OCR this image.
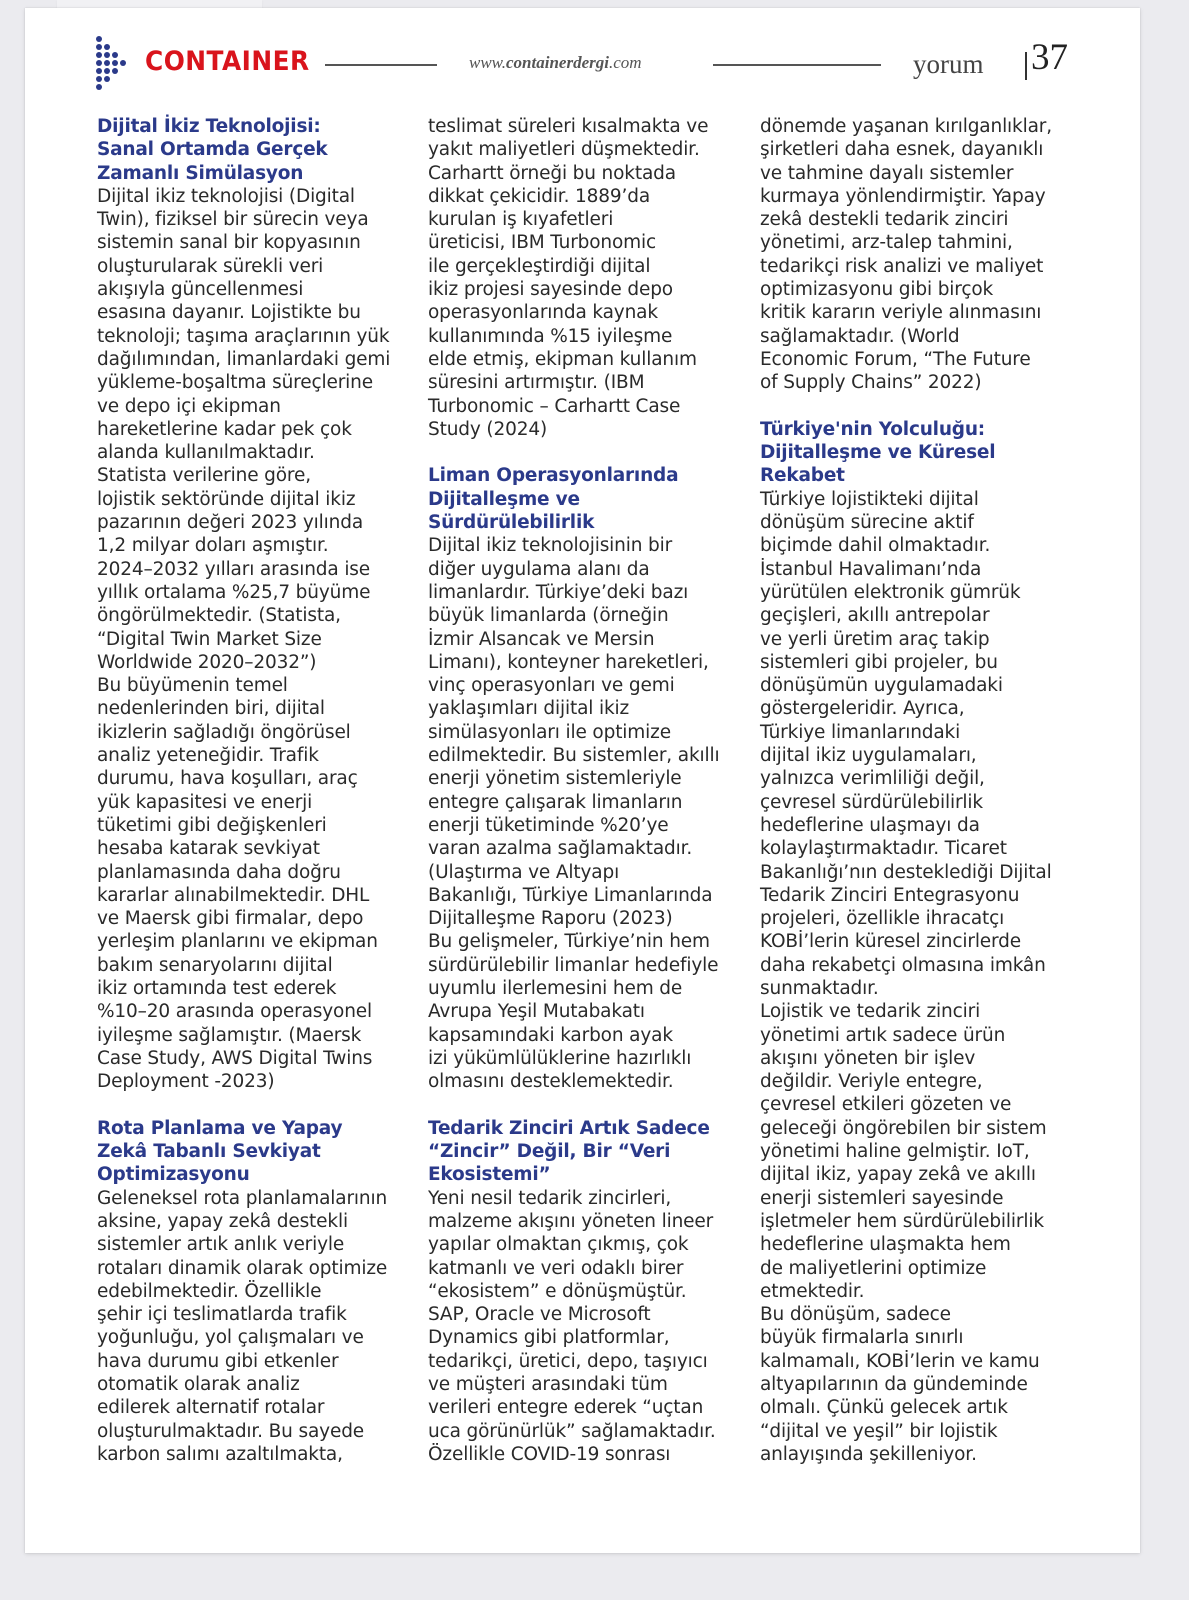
CONTAINER	www.containerdergi.com	yorum 37
Dijital İkiz Teknolojisi:
Sanal Ortamda Gerçek
Zamanlı Simülasyon
Dijital ikiz teknolojisi (Digital
Twin), fiziksel bir sürecin veya
sistemin sanal bir kopyasının
oluşturularak sürekli veri
akışıyla güncellenmesi
esasına dayanır. Lojistikte bu
teknoloji; taşıma araçlarının yük
dağılımından, limanlardaki gemi
yükleme-boşaltma süreçlerine
ve depo içi ekipman
hareketlerine kadar pek çok
alanda kullanılmaktadır.
Statista verilerine göre,
lojistik sektöründe dijital ikiz
pazarının değeri 2023 yılında
1,2 milyar doları aşmıştır.
2024–2032 yılları arasında ise
yıllık ortalama %25,7 büyüme
öngörülmektedir. (Statista,
“Digital Twin Market Size
Worldwide 2020–2032”)
Bu büyümenin temel
nedenlerinden biri, dijital
ikizlerin sağladığı öngörüsel
analiz yeteneğidir. Trafik
durumu, hava koşulları, araç
yük kapasitesi ve enerji
tüketimi gibi değişkenleri
hesaba katarak sevkiyat
planlamasında daha doğru
kararlar alınabilmektedir. DHL
ve Maersk gibi firmalar, depo
yerleşim planlarını ve ekipman
bakım senaryolarını dijital
ikiz ortamında test ederek
%10–20 arasında operasyonel
iyileşme sağlamıştır. (Maersk
Case Study, AWS Digital Twins
Deployment -2023)
Rota Planlama ve Yapay
Zekâ Tabanlı Sevkiyat
Optimizasyonu
Geleneksel rota planlamalarının
aksine, yapay zekâ destekli
sistemler artık anlık veriyle
rotaları dinamik olarak optimize
edebilmektedir. Özellikle
şehir içi teslimatlarda trafik
yoğunluğu, yol çalışmaları ve
hava durumu gibi etkenler
otomatik olarak analiz
edilerek alternatif rotalar
oluşturulmaktadır. Bu sayede
karbon salımı azaltılmakta,
teslimat süreleri kısalmakta ve
yakıt maliyetleri düşmektedir.
Carhartt örneği bu noktada
dikkat çekicidir. 1889’da
kurulan iş kıyafetleri
üreticisi, IBM Turbonomic
ile gerçekleştirdiği dijital
ikiz projesi sayesinde depo
operasyonlarında kaynak
kullanımında %15 iyileşme
elde etmiş, ekipman kullanım
süresini artırmıştır. (IBM
Turbonomic – Carhartt Case
Study (2024)
Liman Operasyonlarında
Dijitalleşme ve
Sürdürülebilirlik
Dijital ikiz teknolojisinin bir
diğer uygulama alanı da
limanlardır. Türkiye’deki bazı
büyük limanlarda (örneğin
İzmir Alsancak ve Mersin
Limanı), konteyner hareketleri,
vinç operasyonları ve gemi
yaklaşımları dijital ikiz
simülasyonları ile optimize
edilmektedir. Bu sistemler, akıllı
enerji yönetim sistemleriyle
entegre çalışarak limanların
enerji tüketiminde %20’ye
varan azalma sağlamaktadır.
(Ulaştırma ve Altyapı
Bakanlığı, Türkiye Limanlarında
Dijitalleşme Raporu (2023)
Bu gelişmeler, Türkiye’nin hem
sürdürülebilir limanlar hedefiyle
uyumlu ilerlemesini hem de
Avrupa Yeşil Mutabakatı
kapsamındaki karbon ayak
izi yükümlülüklerine hazırlıklı
olmasını desteklemektedir.
Tedarik Zinciri Artık Sadece
“Zincir” Değil, Bir “Veri
Ekosistemi”
Yeni nesil tedarik zincirleri,
malzeme akışını yöneten lineer
yapılar olmaktan çıkmış, çok
katmanlı ve veri odaklı birer
“ekosistem” e dönüşmüştür.
SAP, Oracle ve Microsoft
Dynamics gibi platformlar,
tedarikçi, üretici, depo, taşıyıcı
ve müşteri arasındaki tüm
verileri entegre ederek “uçtan
uca görünürlük” sağlamaktadır.
Özellikle COVID-19 sonrası
dönemde yaşanan kırılganlıklar,
şirketleri daha esnek, dayanıklı
ve tahmine dayalı sistemler
kurmaya yönlendirmiştir. Yapay
zekâ destekli tedarik zinciri
yönetimi, arz-talep tahmini,
tedarikçi risk analizi ve maliyet
optimizasyonu gibi birçok
kritik kararın veriyle alınmasını
sağlamaktadır. (World
Economic Forum, “The Future
of Supply Chains” 2022)
Türkiye'nin Yolculuğu:
Dijitalleşme ve Küresel
Rekabet
Türkiye lojistikteki dijital
dönüşüm sürecine aktif
biçimde dahil olmaktadır.
İstanbul Havalimanı’nda
yürütülen elektronik gümrük
geçişleri, akıllı antrepolar
ve yerli üretim araç takip
sistemleri gibi projeler, bu
dönüşümün uygulamadaki
göstergeleridir. Ayrıca,
Türkiye limanlarındaki
dijital ikiz uygulamaları,
yalnızca verimliliği değil,
çevresel sürdürülebilirlik
hedeflerine ulaşmayı da
kolaylaştırmaktadır. Ticaret
Bakanlığı’nın desteklediği Dijital
Tedarik Zinciri Entegrasyonu
projeleri, özellikle ihracatçı
KOBİ’lerin küresel zincirlerde
daha rekabetçi olmasına imkân
sunmaktadır.
Lojistik ve tedarik zinciri
yönetimi artık sadece ürün
akışını yöneten bir işlev
değildir. Veriyle entegre,
çevresel etkileri gözeten ve
geleceği öngörebilen bir sistem
yönetimi haline gelmiştir. IoT,
dijital ikiz, yapay zekâ ve akıllı
enerji sistemleri sayesinde
işletmeler hem sürdürülebilirlik
hedeflerine ulaşmakta hem
de maliyetlerini optimize
etmektedir.
Bu dönüşüm, sadece
büyük firmalarla sınırlı
kalmamalı, KOBİ’lerin ve kamu
altyapılarının da gündeminde
olmalı. Çünkü gelecek artık
“dijital ve yeşil” bir lojistik
anlayışında şekilleniyor.
